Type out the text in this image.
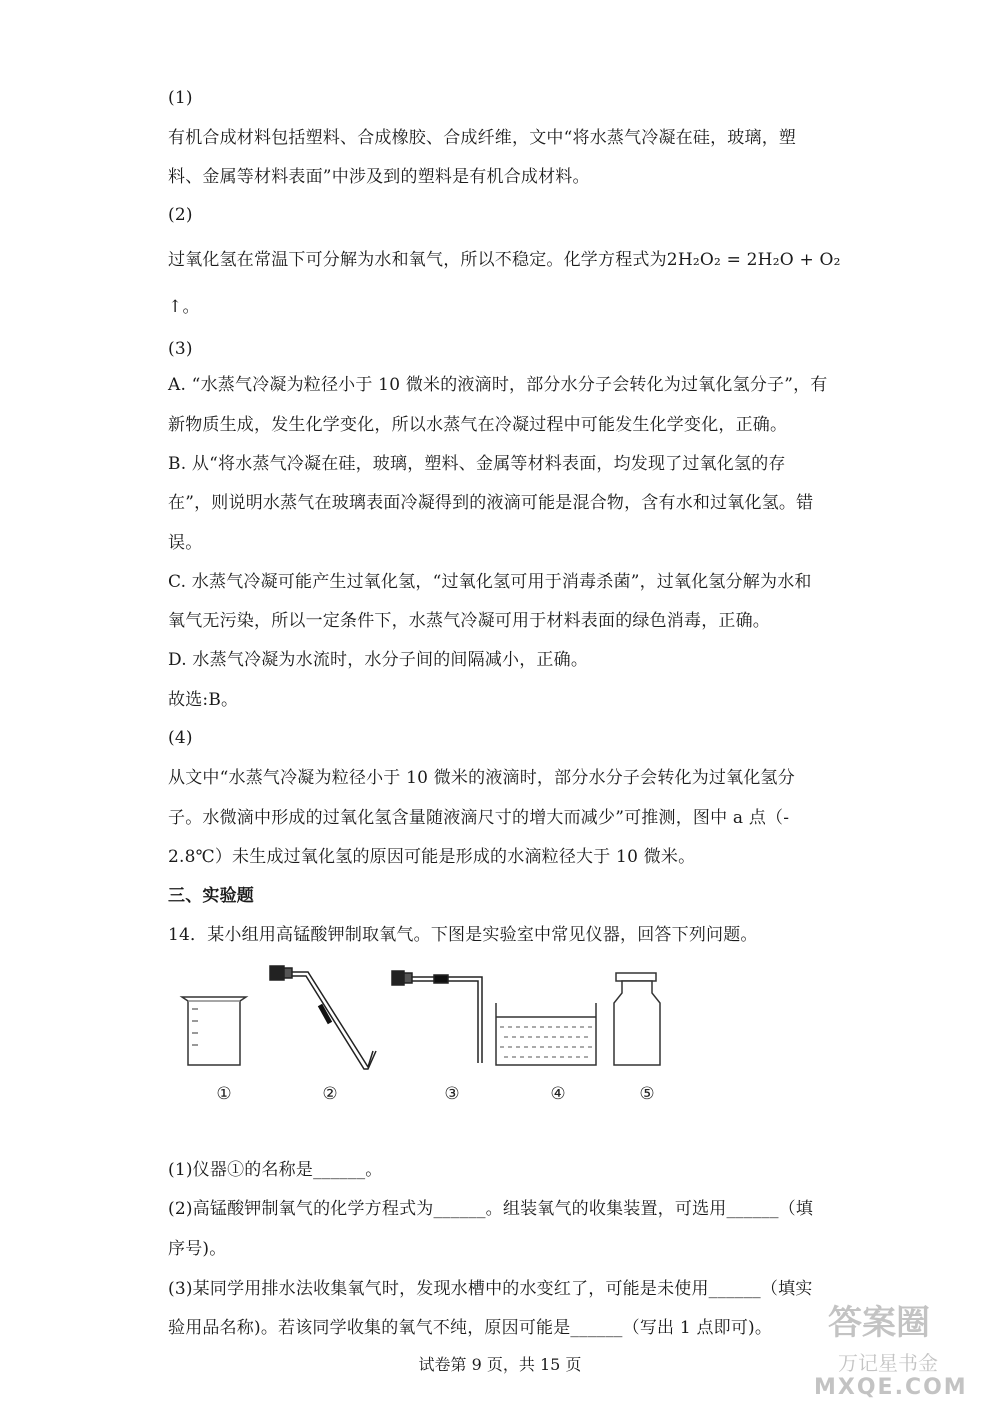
(1)
有机合成材料包括塑料、合成橡胶、合成纤维，文中“将水蒸气冷凝在硅，玻璃，塑
料、金属等材料表面”中涉及到的塑料是有机合成材料。
(2)
过氧化氢在常温下可分解为水和氧气，所以不稳定。化学方程式为2H₂O₂ = 2H₂O + O₂
↑。
(3)
A. “水蒸气冷凝为粒径小于 10 微米的液滴时，部分水分子会转化为过氧化氢分子”，有
新物质生成，发生化学变化，所以水蒸气在冷凝过程中可能发生化学变化，正确。
B. 从“将水蒸气冷凝在硅，玻璃，塑料、金属等材料表面，均发现了过氧化氢的存
在”，则说明水蒸气在玻璃表面冷凝得到的液滴可能是混合物，含有水和过氧化氢。错
误。
C. 水蒸气冷凝可能产生过氧化氢，“过氧化氢可用于消毒杀菌”，过氧化氢分解为水和
氧气无污染，所以一定条件下，水蒸气冷凝可用于材料表面的绿色消毒，正确。
D. 水蒸气冷凝为水流时，水分子间的间隔减小，正确。
故选:B。
(4)
从文中“水蒸气冷凝为粒径小于 10 微米的液滴时，部分水分子会转化为过氧化氢分
子。水微滴中形成的过氧化氢含量随液滴尺寸的增大而减少”可推测，图中 a 点（-
2.8℃）未生成过氧化氢的原因可能是形成的水滴粒径大于 10 微米。
三、实验题
14．某小组用高锰酸钾制取氧气。下图是实验室中常见仪器，回答下列问题。
①	②	③	④	⑤
(1)仪器①的名称是______。
(2)高锰酸钾制氧气的化学方程式为______。组装氧气的收集装置，可选用______（填
序号)。
(3)某同学用排水法收集氧气时，发现水槽中的水变红了，可能是未使用______（填实
验用品名称)。若该同学收集的氧气不纯，原因可能是______（写出 1 点即可)。
试卷第 9 页，共 15 页
答案圈
万记星书金
MXQE.COM
